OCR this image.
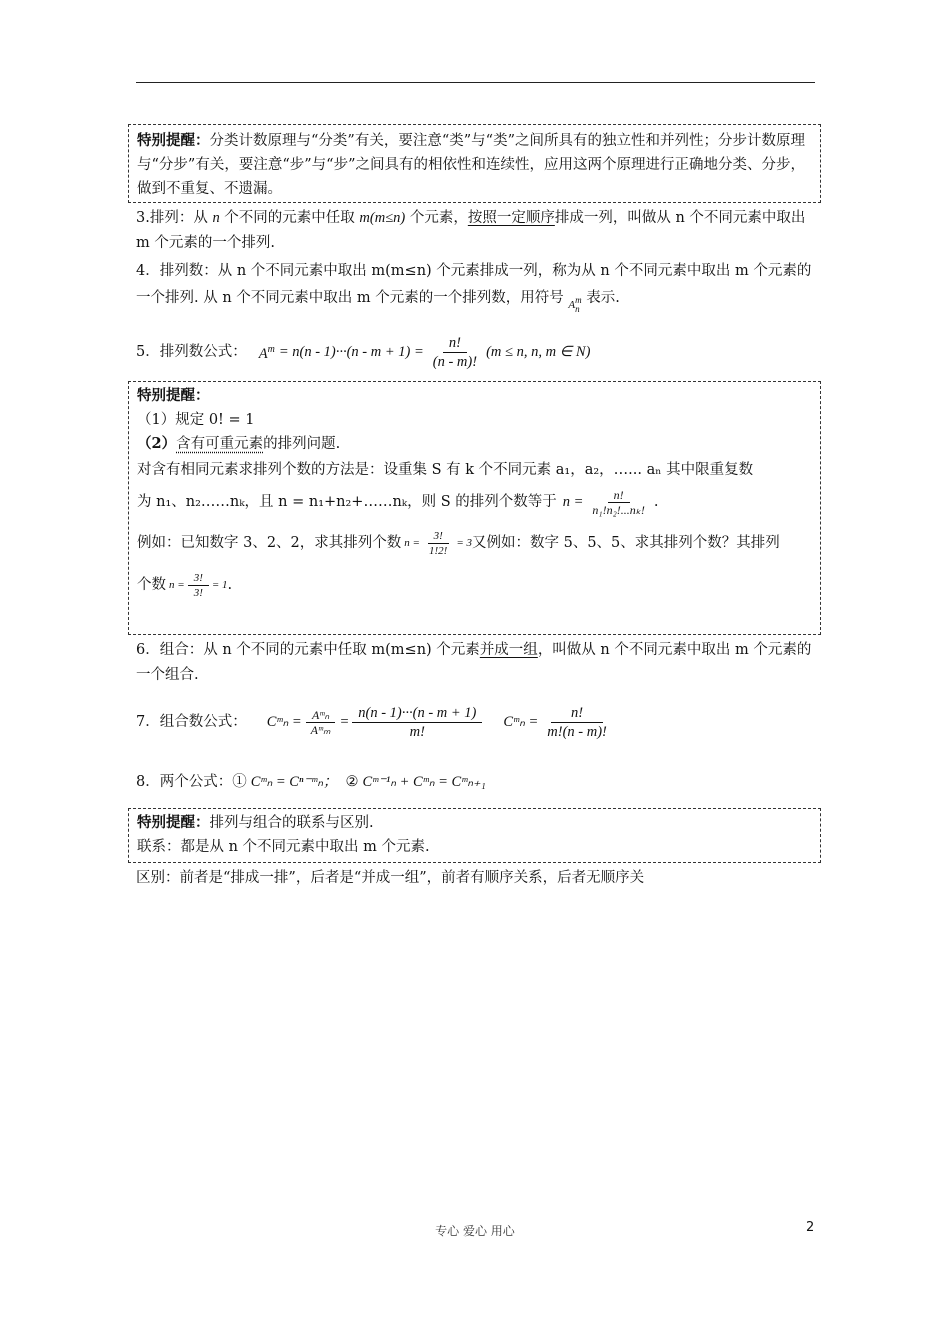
特别提醒：分类计数原理与“分类”有关，要注意“类”与“类”之间所具有的独立性和并列性；分步计数原理与“分步”有关，要注意“步”与“步”之间具有的相依性和连续性，应用这两个原理进行正确地分类、分步，做到不重复、不遗漏。
3.排列：从 n 个不同的元素中任取 m(m≤n) 个元素，按照一定顺序排成一列，叫做从 n 个不同元素中取出 m 个元素的一个排列.
4．排列数：从 n 个不同元素中取出 m(m≤n) 个元素排成一列，称为从 n 个不同元素中取出 m 个元素的一个排列. 从 n 个不同元素中取出 m 个元素的一个排列数，用符号 A m
n
表示.
5．排列数公式： $A^m = n(n - 1)\cdot\cdot\cdot(n - m + 1) = \frac{n!}{(n - m)!} (m \le n$, n, m ∈ N)
特别提醒：
（1）规定 0! = 1
（2）含有可重元素的排列问题.
对含有相同元素求排列个数的方法是：设重集 S 有 k 个不同元素 a₁，a₂，…... aₙ 其中限重复数
为 n₁、n₂……nₖ，且 n = n₁+n₂+……nₖ，则 S 的排列个数等于 $n = \frac{n!}{\text{n₁!n₂!...nₖ!}}$ .
例如：已知数字 3、2、2，求其排列个数 $n = \frac{3!}{1!2!} = 3$ 又例如：数字 5、5、5、求其排列个数？其排列
个数 $n = \frac{3!}{3!} = 1$ .
6．组合：从 n 个不同的元素中任取 m(m≤n) 个元素并成一组，叫做从 n 个不同元素中取出 m 个元素的一个组合.
7．组合数公式： Cᵐₙ = $\frac{\text{Aᵐₙ}}{\text{Aᵐₘ}} = \frac{n(n - 1)\cdot\cdot\cdot(n - m + 1)}{m!}$ Cᵐₙ = $\frac{n!}{m!(n - m)!}$
8．两个公式：① Cᵐₙ = Cⁿ⁻ᵐₙ； ② Cᵐ⁻¹ₙ + Cᵐₙ = Cᵐₙ₊₁
特别提醒：排列与组合的联系与区别.
联系：都是从 n 个不同元素中取出 m 个元素.
区别：前者是“排成一排”，后者是“并成一组”，前者有顺序关系，后者无顺序关
专心 爱心 用心	2
